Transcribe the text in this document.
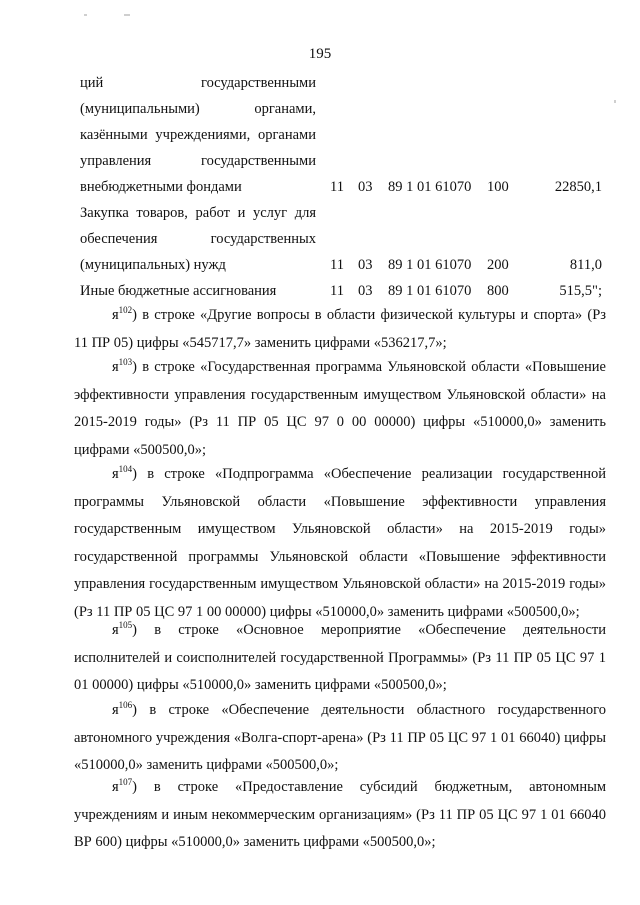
195
ций государственными (муниципальными) органами, казёнными учреждениями, органами управления государственными внебюджетными фондами	11 03 89 1 01 61070 100	22850,1
Закупка товаров, работ и услуг для обеспечения государственных (муниципальных) нужд	11 03 89 1 01 61070 200	811,0
Иные бюджетные ассигнования	11 03 89 1 01 61070 800	515,5";

$я^{102}$) в строке «Другие вопросы в области физической культуры и спорта» (Рз 11 ПР 05) цифры «545717,7» заменить цифрами «536217,7»;

$я^{103}$) в строке «Государственная программа Ульяновской области «Повышение эффективности управления государственным имуществом Ульяновской области» на 2015-2019 годы» (Рз 11 ПР 05 ЦС 97 0 00 00000) цифры «510000,0» заменить цифрами «500500,0»;

$я^{104}$) в строке «Подпрограмма «Обеспечение реализации государственной программы Ульяновской области «Повышение эффективности управления государственным имуществом Ульяновской области» на 2015-2019 годы» государственной программы Ульяновской области «Повышение эффективности управления государственным имуществом Ульяновской области» на 2015-2019 годы» (Рз 11 ПР 05 ЦС 97 1 00 00000) цифры «510000,0» заменить цифрами «500500,0»;

$я^{105}$) в строке «Основное мероприятие «Обеспечение деятельности исполнителей и соисполнителей государственной Программы» (Рз 11 ПР 05 ЦС 97 1 01 00000) цифры «510000,0» заменить цифрами «500500,0»;

$я^{106}$) в строке «Обеспечение деятельности областного государственного автономного учреждения «Волга-спорт-арена» (Рз 11 ПР 05 ЦС 97 1 01 66040) цифры «510000,0» заменить цифрами «500500,0»;

$я^{107}$) в строке «Предоставление субсидий бюджетным, автономным учреждениям и иным некоммерческим организациям» (Рз 11 ПР 05 ЦС 97 1 01 66040 ВР 600) цифры «510000,0» заменить цифрами «500500,0»;
